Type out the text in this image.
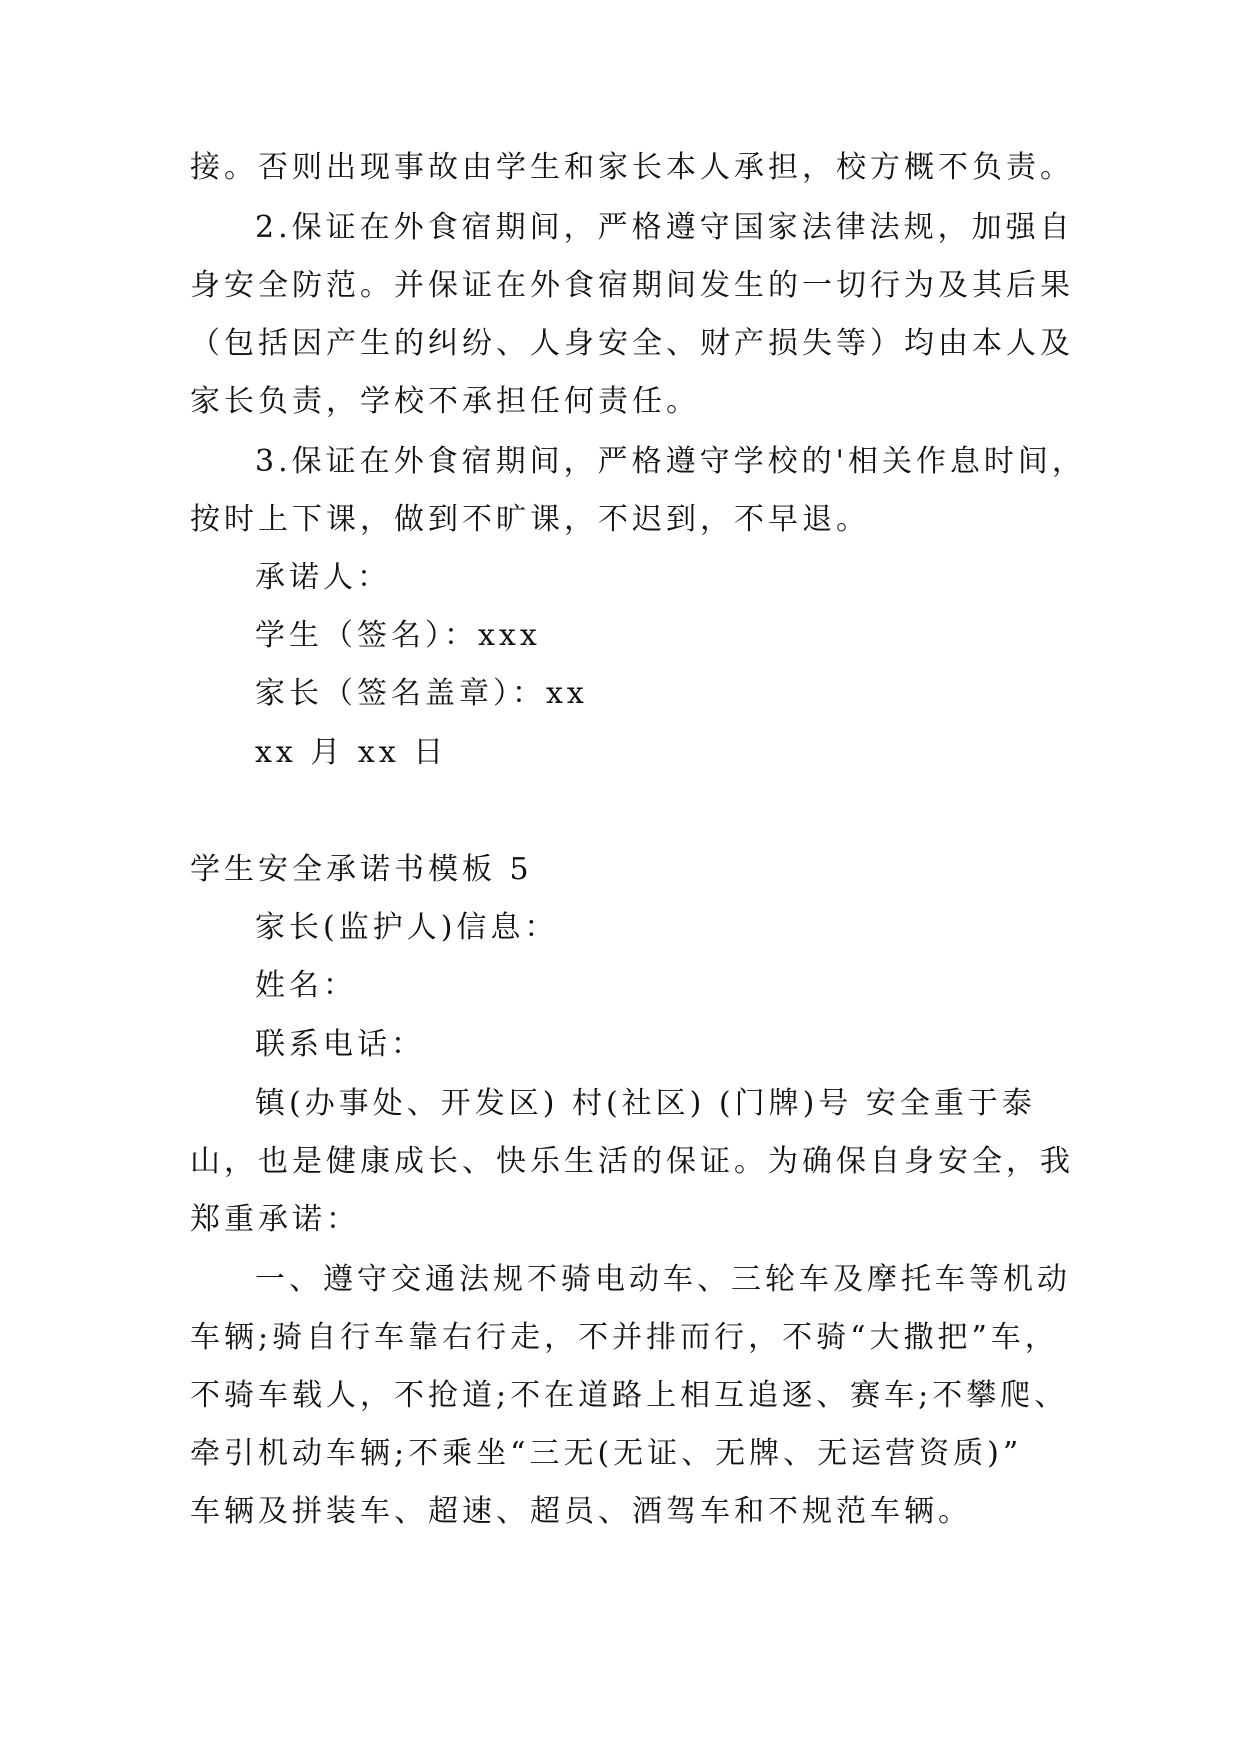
接。否则出现事故由学生和家长本人承担，校方概不负责。
2.保证在外食宿期间，严格遵守国家法律法规，加强自
身安全防范。并保证在外食宿期间发生的一切行为及其后果
（包括因产生的纠纷、人身安全、财产损失等）均由本人及
家长负责，学校不承担任何责任。
3.保证在外食宿期间，严格遵守学校的'相关作息时间，
按时上下课，做到不旷课，不迟到，不早退。
承诺人：
学生（签名）：xxx
家长（签名盖章）：xx
xx 月 xx 日
学生安全承诺书模板 5
家长(监护人)信息：
姓名：
联系电话：
镇(办事处、开发区) 村(社区) (门牌)号 安全重于泰
山，也是健康成长、快乐生活的保证。为确保自身安全，我
郑重承诺：
一、遵守交通法规不骑电动车、三轮车及摩托车等机动
车辆;骑自行车靠右行走，不并排而行，不骑“大撒把”车，
不骑车载人，不抢道;不在道路上相互追逐、赛车;不攀爬、
牵引机动车辆;不乘坐“三无(无证、无牌、无运营资质)”
车辆及拼装车、超速、超员、酒驾车和不规范车辆。
